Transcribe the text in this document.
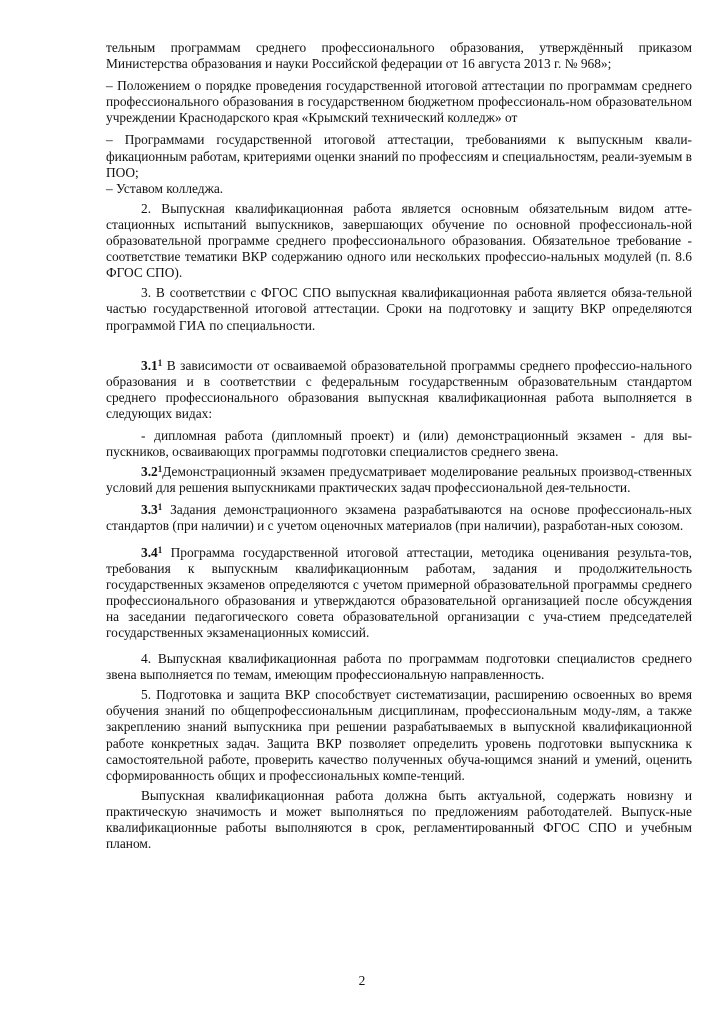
тельным программам среднего профессионального образования, утверждённый приказом Министерства образования и науки Российской федерации от 16 августа 2013 г. № 968»;

– Положением о порядке проведения государственной итоговой аттестации по программам среднего профессионального образования в государственном бюджетном профессиональ-ном образовательном учреждении Краснодарского края «Крымский технический колледж» от

– Программами государственной итоговой аттестации, требованиями к выпускным квали-фикационным работам, критериями оценки знаний по профессиям и специальностям, реали-зуемым в ПОО;

– Уставом колледжа.

2. Выпускная квалификационная работа является основным обязательным видом атте-стационных испытаний выпускников, завершающих обучение по основной профессиональ-ной образовательной программе среднего профессионального образования. Обязательное требование - соответствие тематики ВКР содержанию одного или нескольких профессио-нальных модулей (п. 8.6 ФГОС СПО).

3. В соответствии с ФГОС СПО выпускная квалификационная работа является обяза-тельной частью государственной итоговой аттестации. Сроки на подготовку и защиту ВКР определяются программой ГИА по специальности.

$3.1^1$ В зависимости от осваиваемой образовательной программы среднего профессио-нального образования и в соответствии с федеральным государственным образовательным стандартом среднего профессионального образования выпускная квалификационная работа выполняется в следующих видах:

- дипломная работа (дипломный проект) и (или) демонстрационный экзамен - для вы-пускников, осваивающих программы подготовки специалистов среднего звена.

$3.2^1Демонстрационный$ экзамен предусматривает моделирование реальных производ-ственных условий для решения выпускниками практических задач профессиональной дея-тельности.

$3.3^1$ Задания демонстрационного экзамена разрабатываются на основе профессиональ-ных стандартов (при наличии) и с учетом оценочных материалов (при наличии), разработан-ных союзом.

$3.4^1$ Программа государственной итоговой аттестации, методика оценивания результа-тов, требования к выпускным квалификационным работам, задания и продолжительность государственных экзаменов определяются с учетом примерной образовательной программы среднего профессионального образования и утверждаются образовательной организацией после обсуждения на заседании педагогического совета образовательной организации с уча-стием председателей государственных экзаменационных комиссий.

4. Выпускная квалификационная работа по программам подготовки специалистов среднего звена выполняется по темам, имеющим профессиональную направленность.

5. Подготовка и защита ВКР способствует систематизации, расширению освоенных во время обучения знаний по общепрофессиональным дисциплинам, профессиональным моду-лям, а также закреплению знаний выпускника при решении разрабатываемых в выпускной квалификационной работе конкретных задач. Защита ВКР позволяет определить уровень подготовки выпускника к самостоятельной работе, проверить качество полученных обуча-ющимся знаний и умений, оценить сформированность общих и профессиональных компе-тенций.

Выпускная квалификационная работа должна быть актуальной, содержать новизну и практическую значимость и может выполняться по предложениям работодателей. Выпуск-ные квалификационные работы выполняются в срок, регламентированный ФГОС СПО и учебным планом.

2
